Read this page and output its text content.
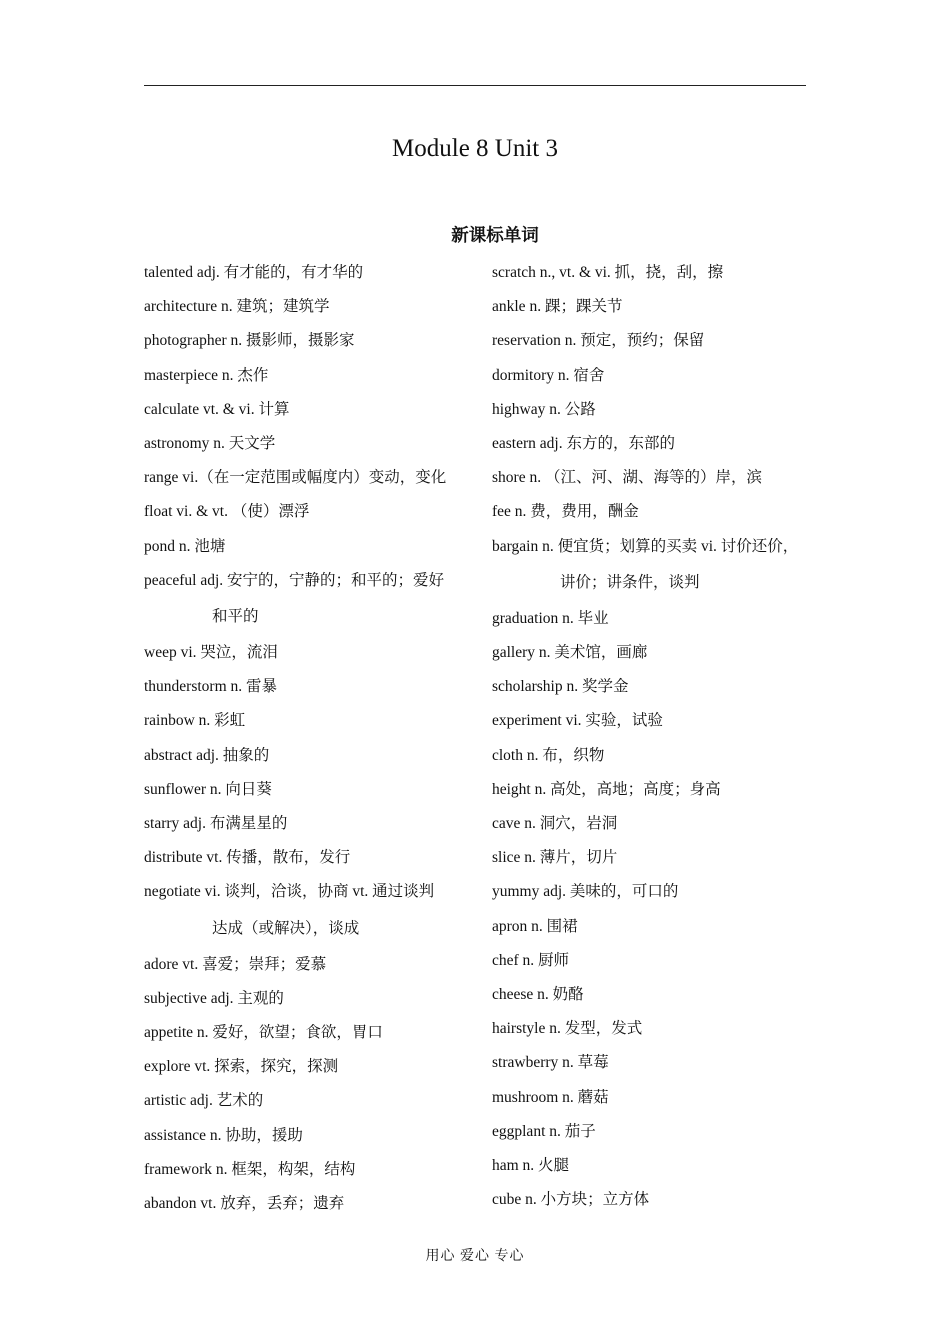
Module 8 Unit 3
新课标单词
talented adj. 有才能的，有才华的
architecture n. 建筑；建筑学
photographer n. 摄影师，摄影家
masterpiece n. 杰作
calculate vt. & vi. 计算
astronomy n. 天文学
range vi.（在一定范围或幅度内）变动，变化
float vi. & vt. （使）漂浮
pond n. 池塘
peaceful adj. 安宁的，宁静的；和平的；爱好
和平的
weep vi. 哭泣，流泪
thunderstorm n. 雷暴
rainbow n. 彩虹
abstract adj. 抽象的
sunflower n. 向日葵
starry adj. 布满星星的
distribute vt. 传播，散布，发行
negotiate vi. 谈判，洽谈，协商 vt. 通过谈判
达成（或解决），谈成
adore vt. 喜爱；崇拜；爱慕
subjective adj. 主观的
appetite n. 爱好，欲望；食欲，胃口
explore vt. 探索，探究，探测
artistic adj. 艺术的
assistance n. 协助，援助
framework n. 框架，构架，结构
abandon vt. 放弃，丢弃；遗弃
scratch n., vt. & vi. 抓，挠，刮，擦
ankle n. 踝；踝关节
reservation n. 预定，预约；保留
dormitory n. 宿舍
highway n. 公路
eastern adj. 东方的，东部的
shore n. （江、河、湖、海等的）岸，滨
fee n. 费，费用，酬金
bargain n. 便宜货；划算的买卖 vi. 讨价还价，
讲价；讲条件，谈判
graduation n. 毕业
gallery n. 美术馆，画廊
scholarship n. 奖学金
experiment vi. 实验，试验
cloth n. 布，织物
height n. 高处，高地；高度；身高
cave n. 洞穴，岩洞
slice n. 薄片，切片
yummy adj. 美味的，可口的
apron n. 围裙
chef n. 厨师
cheese n. 奶酪
hairstyle n. 发型，发式
strawberry n. 草莓
mushroom n. 蘑菇
eggplant n. 茄子
ham n. 火腿
cube n. 小方块；立方体
用心 爱心 专心
